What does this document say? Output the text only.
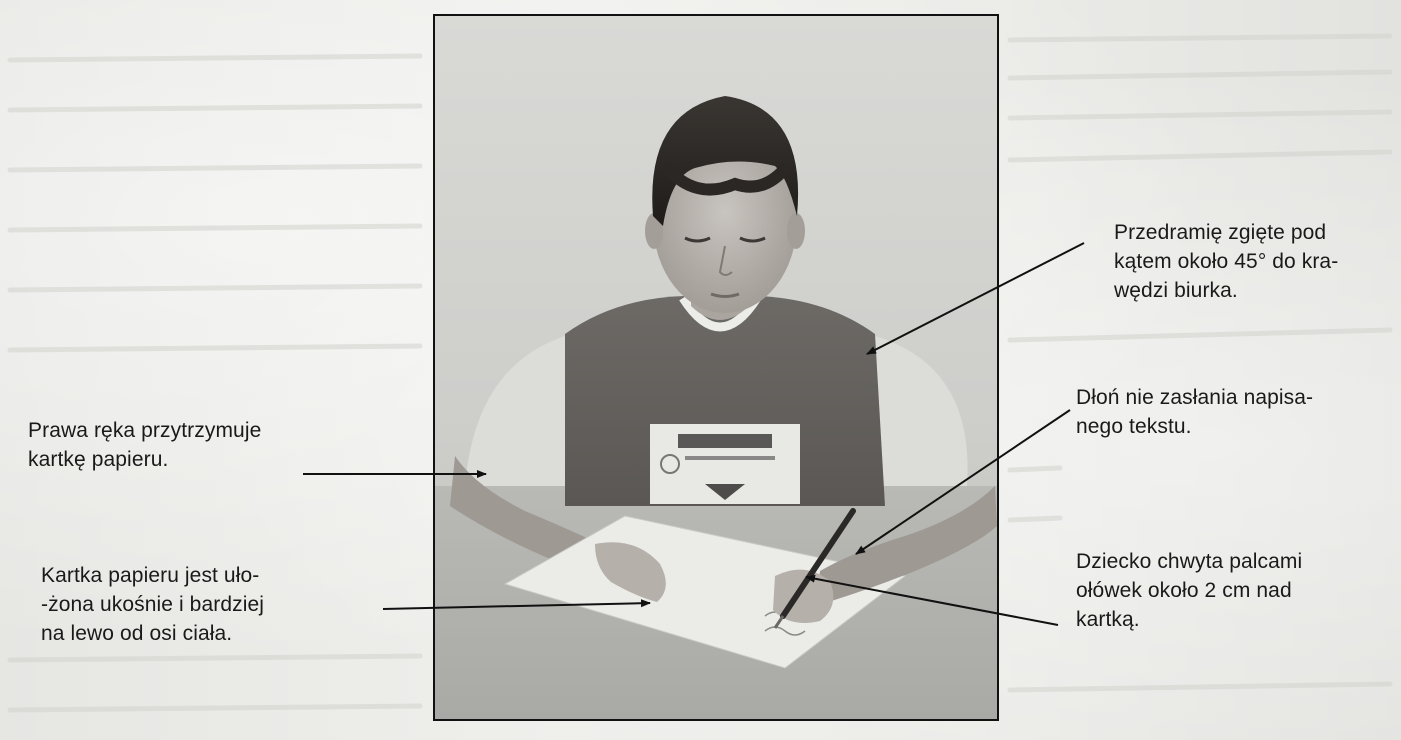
Prawa ręka przytrzymuje
kartkę papieru.
Kartka papieru jest uło-
-żona ukośnie i bardziej
na lewo od osi ciała.
Przedramię zgięte pod
kątem około 45° do kra-
wędzi biurka.
Dłoń nie zasłania napisa-
nego tekstu.
Dziecko chwyta palcami
ołówek około 2 cm nad
kartką.
